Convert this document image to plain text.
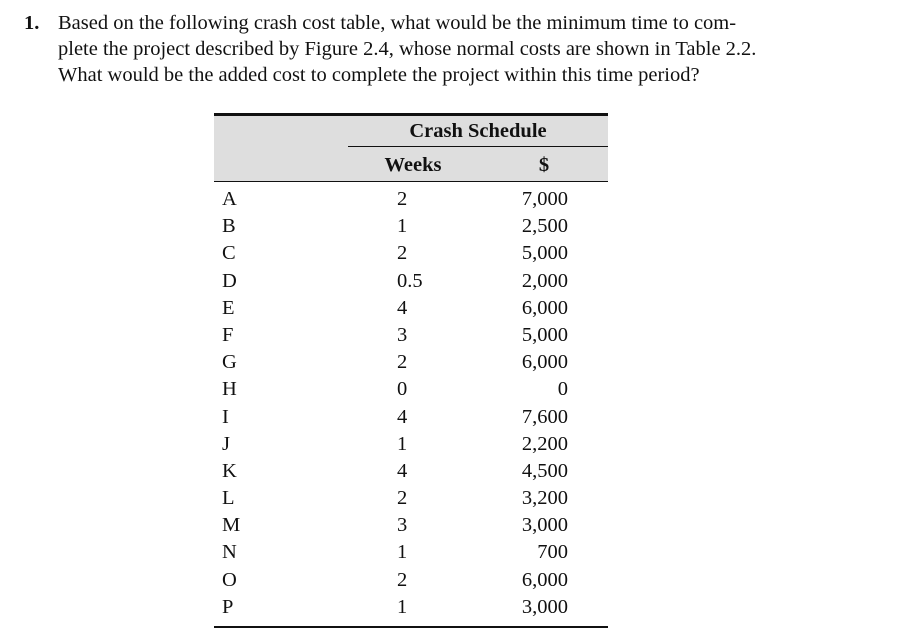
1. Based on the following crash cost table, what would be the minimum time to com-
plete the project described by Figure 2.4, whose normal costs are shown in Table 2.2.
What would be the added cost to complete the project within this time period?
Crash Schedule
Weeks	$
A	2	7,000
B	1	2,500
C	2	5,000
D	0.5	2,000
E	4	6,000
F	3	5,000
G	2	6,000
H	0	0
I	4	7,600
J	1	2,200
K	4	4,500
L	2	3,200
M	3	3,000
N	1	700
O	2	6,000
P	1	3,000
